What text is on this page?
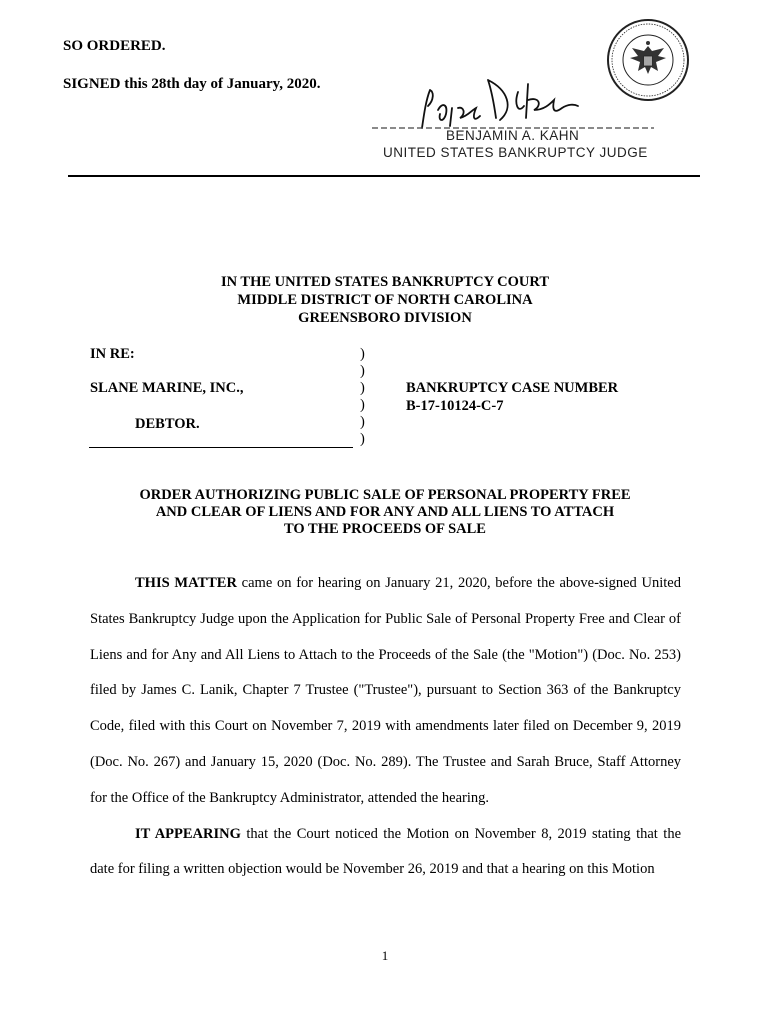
SO ORDERED.
SIGNED this 28th day of January, 2020.
BENJAMIN A. KAHN
UNITED STATES BANKRUPTCY JUDGE
IN THE UNITED STATES BANKRUPTCY COURT
MIDDLE DISTRICT OF NORTH CAROLINA
GREENSBORO DIVISION
IN RE:
SLANE MARINE, INC.,
DEBTOR.
)
)
)
)
)
)
BANKRUPTCY CASE NUMBER
B-17-10124-C-7
ORDER AUTHORIZING PUBLIC SALE OF PERSONAL PROPERTY FREE
AND CLEAR OF LIENS AND FOR ANY AND ALL LIENS TO ATTACH
TO THE PROCEEDS OF SALE

THIS MATTER came on for hearing on January 21, 2020, before the above-signed United States Bankruptcy Judge upon the Application for Public Sale of Personal Property Free and Clear of Liens and for Any and All Liens to Attach to the Proceeds of the Sale (the "Motion") (Doc. No. 253) filed by James C. Lanik, Chapter 7 Trustee ("Trustee"), pursuant to Section 363 of the Bankruptcy Code, filed with this Court on November 7, 2019 with amendments later filed on December 9, 2019 (Doc. No. 267) and January 15, 2020 (Doc. No. 289). The Trustee and Sarah Bruce, Staff Attorney for the Office of the Bankruptcy Administrator, attended the hearing.

IT APPEARING that the Court noticed the Motion on November 8, 2019 stating that the date for filing a written objection would be November 26, 2019 and that a hearing on this Motion

1
